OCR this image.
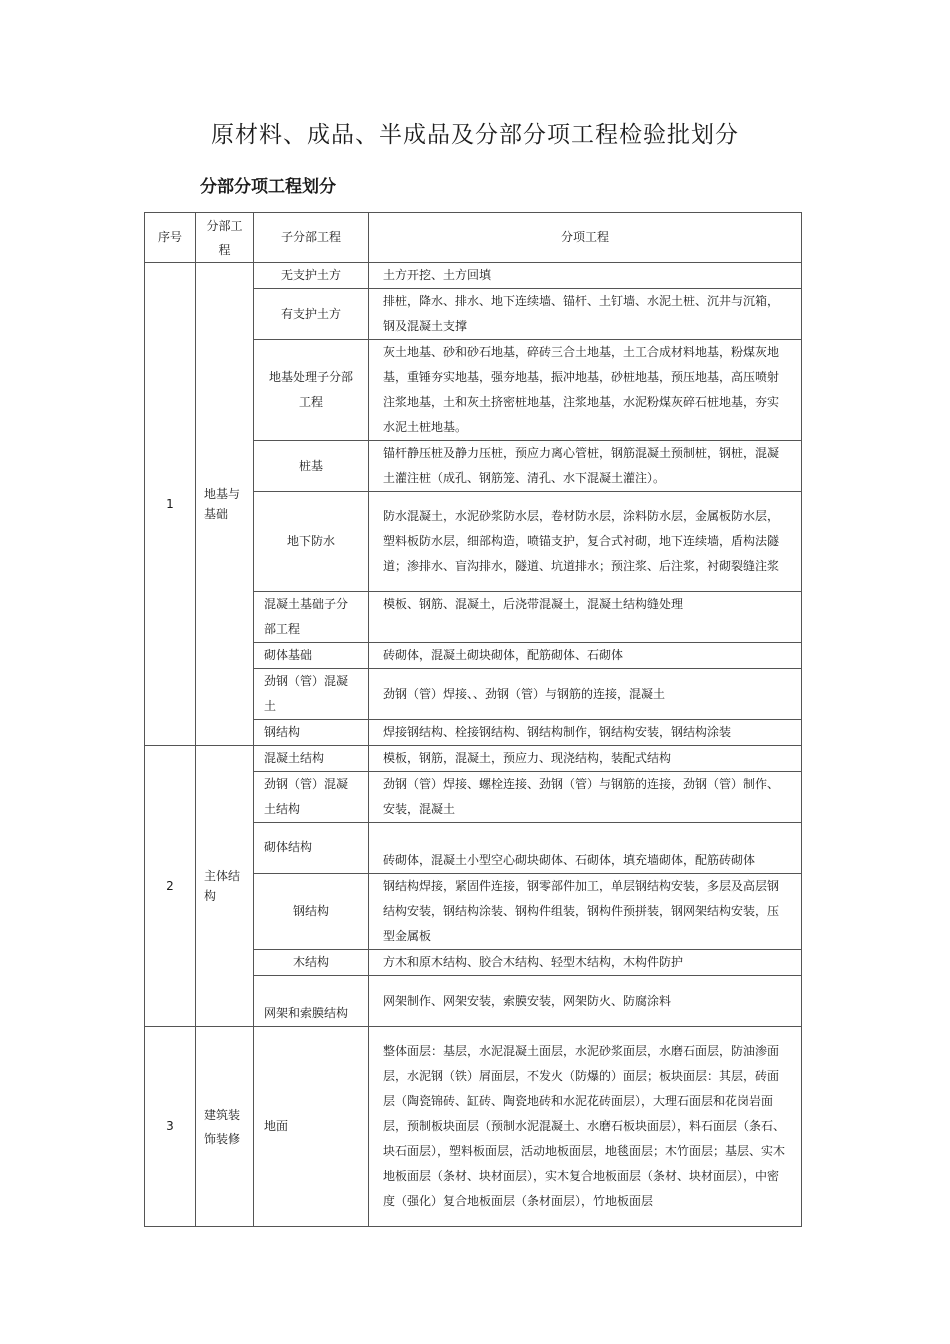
原材料、成品、半成品及分部分项工程检验批划分
分部分项工程划分
序号	分部工程	子分部工程	分项工程
1	地基与基础	无支护土方	土方开挖、土方回填
		有支护土方	排桩，降水、排水、地下连续墙、锚杆、土钉墙、水泥土桩、沉井与沉箱，钢及混凝土支撑
		地基处理子分部工程	灰土地基、砂和砂石地基，碎砖三合土地基，土工合成材料地基，粉煤灰地基，重锤夯实地基，强夯地基，振冲地基，砂桩地基，预压地基，高压喷射注浆地基，土和灰土挤密桩地基，注浆地基，水泥粉煤灰碎石桩地基，夯实水泥土桩地基。
		桩基	锚杆静压桩及静力压桩，预应力离心管桩，钢筋混凝土预制桩，钢桩，混凝土灌注桩（成孔、钢筋笼、清孔、水下混凝土灌注）。
		地下防水	防水混凝土，水泥砂浆防水层，卷材防水层，涂料防水层，金属板防水层，塑料板防水层，细部构造，喷锚支护，复合式衬砌，地下连续墙，盾构法隧道；渗排水、盲沟排水，隧道、坑道排水；预注浆、后注浆，衬砌裂缝注浆
		混凝土基础子分部工程	模板、钢筋、混凝土，后浇带混凝土，混凝土结构缝处理
		砌体基础	砖砌体，混凝土砌块砌体，配筋砌体、石砌体
		劲钢（管）混凝土	劲钢（管）焊接、、劲钢（管）与钢筋的连接，混凝土
		钢结构	焊接钢结构、栓接钢结构、钢结构制作，钢结构安装，钢结构涂装
2	主体结构	混凝土结构	模板，钢筋，混凝土，预应力、现浇结构，装配式结构
		劲钢（管）混凝土结构	劲钢（管）焊接、螺栓连接、劲钢（管）与钢筋的连接，劲钢（管）制作、安装，混凝土
		砌体结构	砖砌体，混凝土小型空心砌块砌体、石砌体，填充墙砌体，配筋砖砌体
		钢结构	钢结构焊接，紧固件连接，钢零部件加工，单层钢结构安装，多层及高层钢结构安装，钢结构涂装、钢构件组装，钢构件预拼装，钢网架结构安装，压型金属板
		木结构	方木和原木结构、胶合木结构、轻型木结构，木构件防护
		网架和索膜结构	网架制作、网架安装，索膜安装，网架防火、防腐涂料
3	建筑装饰装修	地面	整体面层：基层，水泥混凝土面层，水泥砂浆面层，水磨石面层，防油渗面层，水泥钢（铁）屑面层，不发火（防爆的）面层；板块面层：其层，砖面层（陶瓷锦砖、缸砖、陶瓷地砖和水泥花砖面层），大理石面层和花岗岩面层，预制板块面层（预制水泥混凝土、水磨石板块面层），料石面层（条石、块石面层），塑料板面层，活动地板面层，地毯面层；木竹面层；基层、实木地板面层（条材、块材面层），实木复合地板面层（条材、块材面层），中密度（强化）复合地板面层（条材面层），竹地板面层
